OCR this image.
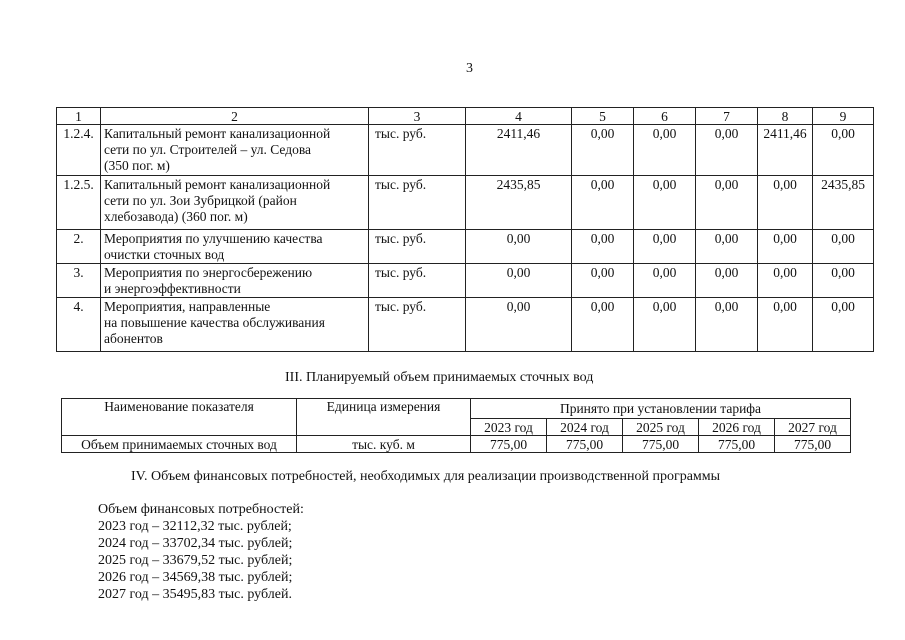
3
1	2	3	4	5	6	7	8	9
1.2.4.	Капитальный ремонт канализационной
сети по ул. Строителей – ул. Седова
(350 пог. м)	тыс. руб.	2411,46	0,00	0,00	0,00	2411,46	0,00
1.2.5.	Капитальный ремонт канализационной
сети по ул. Зои Зубрицкой (район
хлебозавода) (360 пог. м)	тыс. руб.	2435,85	0,00	0,00	0,00	0,00	2435,85
2.	Мероприятия по улучшению качества
очистки сточных вод	тыс. руб.	0,00	0,00	0,00	0,00	0,00	0,00
3.	Мероприятия по энергосбережению
и энергоэффективности	тыс. руб.	0,00	0,00	0,00	0,00	0,00	0,00
4.	Мероприятия, направленные
на повышение качества обслуживания
абонентов	тыс. руб.	0,00	0,00	0,00	0,00	0,00	0,00
III. Планируемый объем принимаемых сточных вод
Наименование показателя	Единица измерения	Принято при установлении тарифа				
		2023 год	2024 год	2025 год	2026 год	2027 год
Объем принимаемых сточных вод	тыс. куб. м	775,00	775,00	775,00	775,00	775,00
IV. Объем финансовых потребностей, необходимых для реализации производственной программы
Объем финансовых потребностей:
2023 год – 32112,32 тыс. рублей;
2024 год – 33702,34 тыс. рублей;
2025 год – 33679,52 тыс. рублей;
2026 год – 34569,38 тыс. рублей;
2027 год – 35495,83 тыс. рублей.
